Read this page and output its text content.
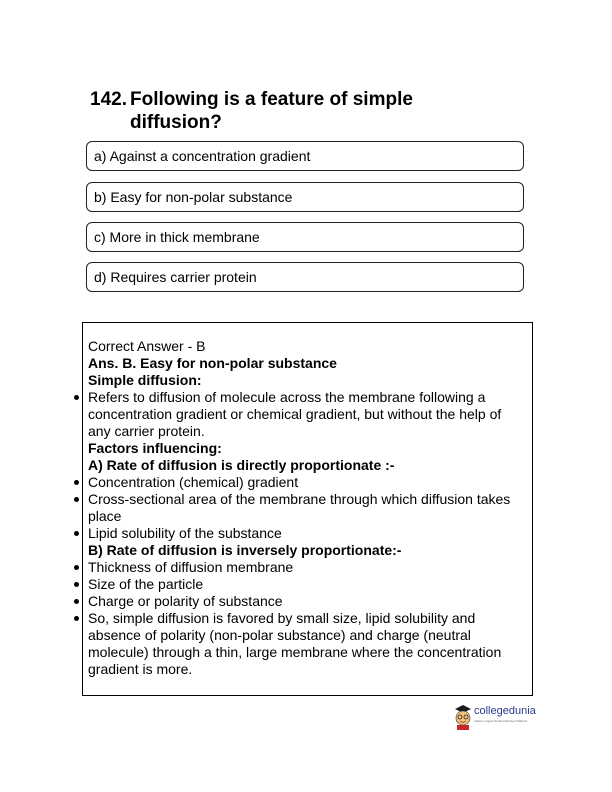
142. Following is a feature of simple
diffusion?
a) Against a concentration gradient
b) Easy for non-polar substance
c) More in thick membrane
d) Requires carrier protein
Correct Answer - B
Ans. B. Easy for non-polar substance
Simple diffusion:
Refers to diffusion of molecule across the membrane following a concentration gradient or chemical gradient, but without the help of any carrier protein.
Factors influencing:
A) Rate of diffusion is directly proportionate :-
Concentration (chemical) gradient
Cross-sectional area of the membrane through which diffusion takes place
Lipid solubility of the substance
B) Rate of diffusion is inversely proportionate:-
Thickness of diffusion membrane
Size of the particle
Charge or polarity of substance
So, simple diffusion is favored by small size, lipid solubility and absence of polarity (non-polar substance) and charge (neutral molecule) through a thin, large membrane where the concentration gradient is more.
collegedunia
India's Largest Student Review Platform
